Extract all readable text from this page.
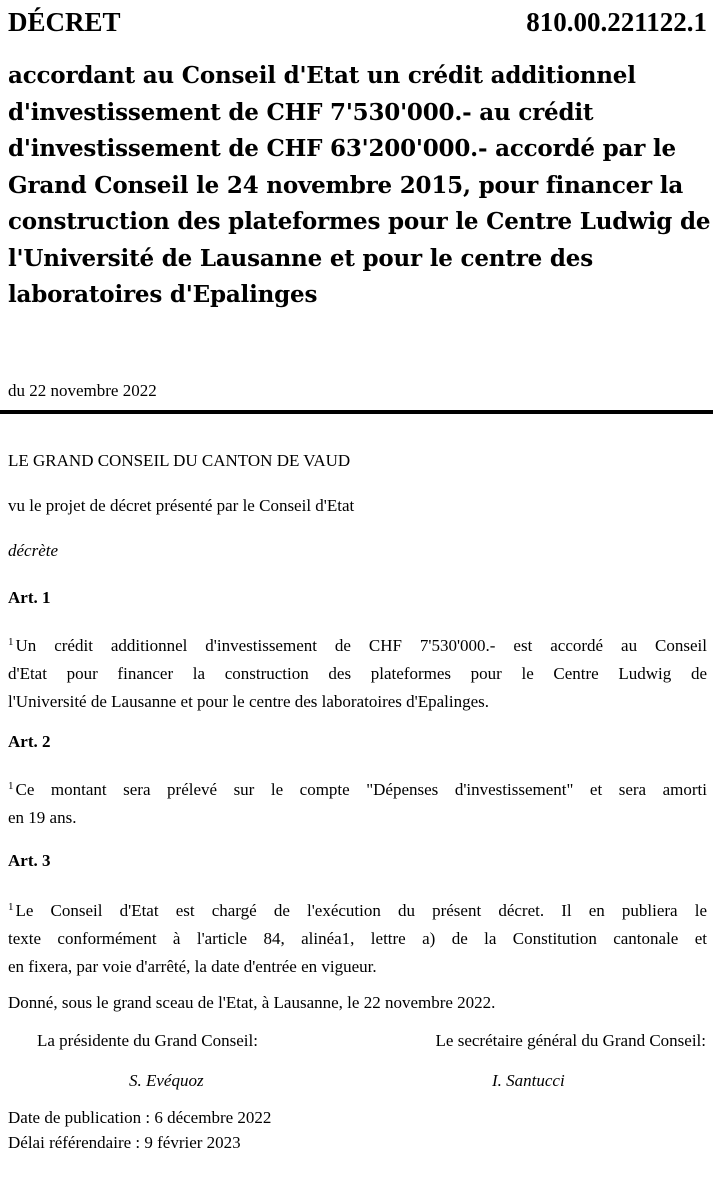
DÉCRET	810.00.221122.1
accordant au Conseil d'Etat un crédit additionnel
d'investissement de CHF 7'530'000.- au crédit
d'investissement de CHF 63'200'000.- accordé par le
Grand Conseil le 24 novembre 2015, pour financer la
construction des plateformes pour le Centre Ludwig de
l'Université de Lausanne et pour le centre des
laboratoires d'Epalinges
du 22 novembre 2022
LE GRAND CONSEIL DU CANTON DE VAUD
vu le projet de décret présenté par le Conseil d'Etat
décrète
Art. 1
$^1$ Un crédit additionnel d'investissement de CHF 7'530'000.- est accordé au Conseil
d'Etat pour financer la construction des plateformes pour le Centre Ludwig de
l'Université de Lausanne et pour le centre des laboratoires d'Epalinges.
Art. 2
$^1$ Ce montant sera prélevé sur le compte "Dépenses d'investissement" et sera amorti
en 19 ans.
Art. 3
$^1$ Le Conseil d'Etat est chargé de l'exécution du présent décret. Il en publiera le
texte conformément à l'article 84, alinéa1, lettre a) de la Constitution cantonale et
en fixera, par voie d'arrêté, la date d'entrée en vigueur.
Donné, sous le grand sceau de l'Etat, à Lausanne, le 22 novembre 2022.
La présidente du Grand Conseil:	Le secrétaire général du Grand Conseil:
S. Evéquoz	I. Santucci
Date de publication : 6 décembre 2022
Délai référendaire : 9 février 2023
